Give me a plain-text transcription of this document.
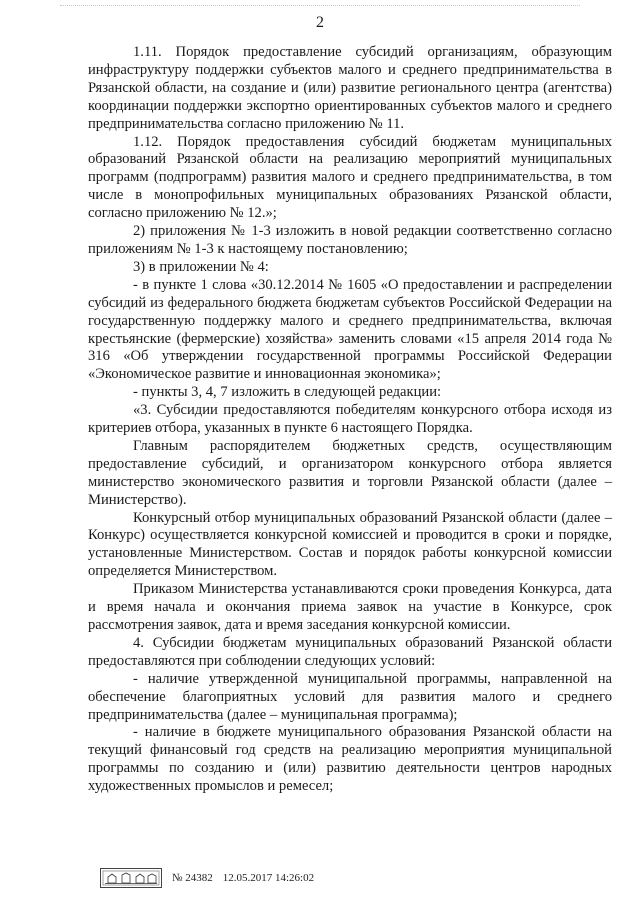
2

1.11. Порядок предоставление субсидий организациям, образующим инфраструктуру поддержки субъектов малого и среднего предпринимательства в Рязанской области, на создание и (или) развитие регионального центра (агентства) координации поддержки экспортно ориентированных субъектов малого и среднего предпринимательства согласно приложению № 11.

1.12. Порядок предоставления субсидий бюджетам муниципальных образований Рязанской области на реализацию мероприятий муниципальных программ (подпрограмм) развития малого и среднего предпринимательства, в том числе в монопрофильных муниципальных образованиях Рязанской области, согласно приложению № 12.»;

2) приложения № 1-3 изложить в новой редакции соответственно согласно приложениям № 1-3 к настоящему постановлению;

3) в приложении № 4:

- в пункте 1 слова «30.12.2014 № 1605 «О предоставлении и распределении субсидий из федерального бюджета бюджетам субъектов Российской Федерации на государственную поддержку малого и среднего предпринимательства, включая крестьянские (фермерские) хозяйства» заменить словами «15 апреля 2014 года № 316 «Об утверждении государственной программы Российской Федерации «Экономическое развитие и инновационная экономика»;

- пункты 3, 4, 7 изложить в следующей редакции:

«3. Субсидии предоставляются победителям конкурсного отбора исходя из критериев отбора, указанных в пункте 6 настоящего Порядка.

Главным распорядителем бюджетных средств, осуществляющим предоставление субсидий, и организатором конкурсного отбора является министерство экономического развития и торговли Рязанской области (далее – Министерство).

Конкурсный отбор муниципальных образований Рязанской области (далее – Конкурс) осуществляется конкурсной комиссией и проводится в сроки и порядке, установленные Министерством. Состав и порядок работы конкурсной комиссии определяется Министерством.

Приказом Министерства устанавливаются сроки проведения Конкурса, дата и время начала и окончания приема заявок на участие в Конкурсе, срок рассмотрения заявок, дата и время заседания конкурсной комиссии.

4. Субсидии бюджетам муниципальных образований Рязанской области предоставляются при соблюдении следующих условий:

- наличие утвержденной муниципальной программы, направленной на обеспечение благоприятных условий для развития малого и среднего предпринимательства (далее – муниципальная программа);

- наличие в бюджете муниципального образования Рязанской области на текущий финансовый год средств на реализацию мероприятия муниципальной программы по созданию и (или) развитию деятельности центров народных художественных промыслов и ремесел;

№ 24382 12.05.2017 14:26:02
